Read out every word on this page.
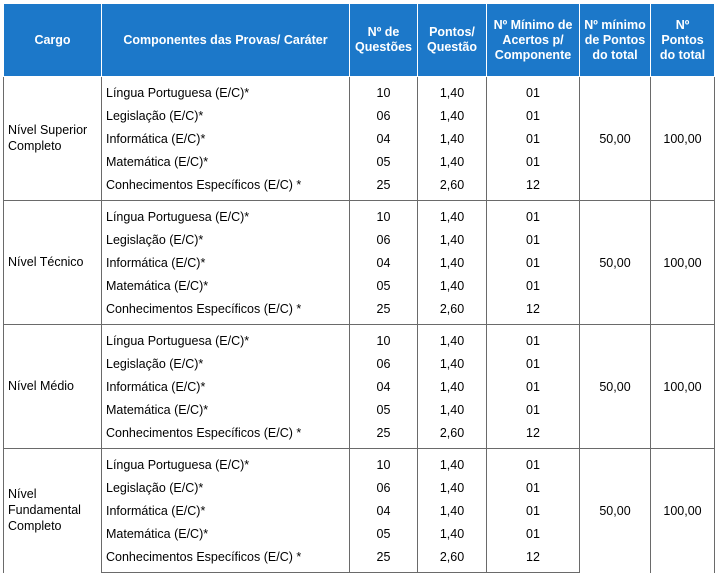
Cargo	Componentes das Provas/ Caráter	Nº de Questões	Pontos/ Questão	Nº Mínimo de Acertos p/ Componente	Nº mínimo de Pontos do total	Nº Pontos do total
Nível Superior Completo	Língua Portuguesa (E/C)*	10	1,40	01	50,00	100,00
	Legislação (E/C)*	06	1,40	01		
	Informática (E/C)*	04	1,40	01		
	Matemática (E/C)*	05	1,40	01		
	Conhecimentos Específicos (E/C) *	25	2,60	12		
Nível Técnico	Língua Portuguesa (E/C)*	10	1,40	01	50,00	100,00
	Legislação (E/C)*	06	1,40	01		
	Informática (E/C)*	04	1,40	01		
	Matemática (E/C)*	05	1,40	01		
	Conhecimentos Específicos (E/C) *	25	2,60	12		
Nível Médio	Língua Portuguesa (E/C)*	10	1,40	01	50,00	100,00
	Legislação (E/C)*	06	1,40	01		
	Informática (E/C)*	04	1,40	01		
	Matemática (E/C)*	05	1,40	01		
	Conhecimentos Específicos (E/C) *	25	2,60	12		
Nível Fundamental Completo	Língua Portuguesa (E/C)*	10	1,40	01	50,00	100,00
	Legislação (E/C)*	06	1,40	01		
	Informática (E/C)*	04	1,40	01		
	Matemática (E/C)*	05	1,40	01		
	Conhecimentos Específicos (E/C) *	25	2,60	12		
